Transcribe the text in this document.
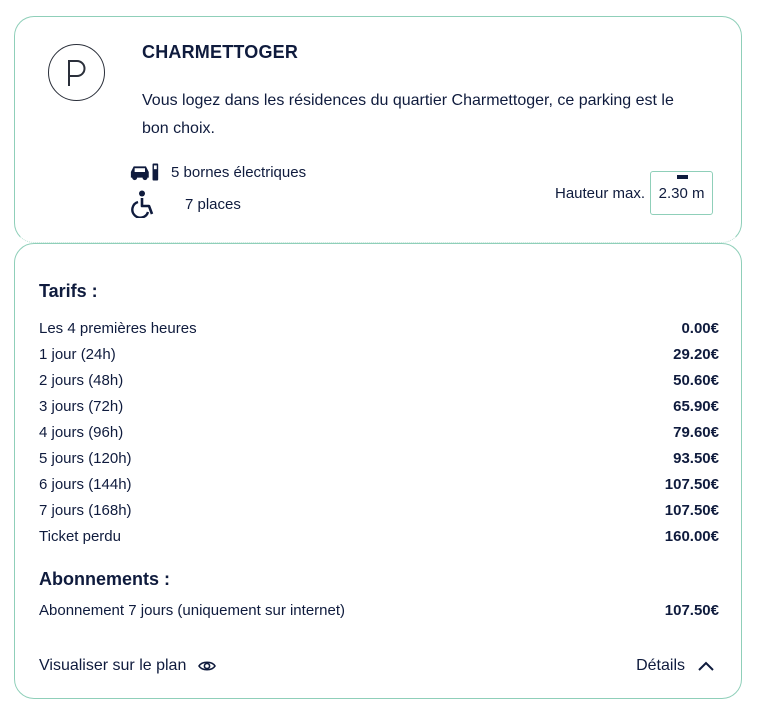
CHARMETTOGER
Vous logez dans les résidences du quartier Charmettoger, ce parking est le bon choix.
5 bornes électriques
7 places
Hauteur max. 2.30 m
Tarifs :
Les 4 premières heures	0.00€
1 jour (24h)	29.20€
2 jours (48h)	50.60€
3 jours (72h)	65.90€
4 jours (96h)	79.60€
5 jours (120h)	93.50€
6 jours (144h)	107.50€
7 jours (168h)	107.50€
Ticket perdu	160.00€
Abonnements :
Abonnement 7 jours (uniquement sur internet)	107.50€
Visualiser sur le plan	Détails
